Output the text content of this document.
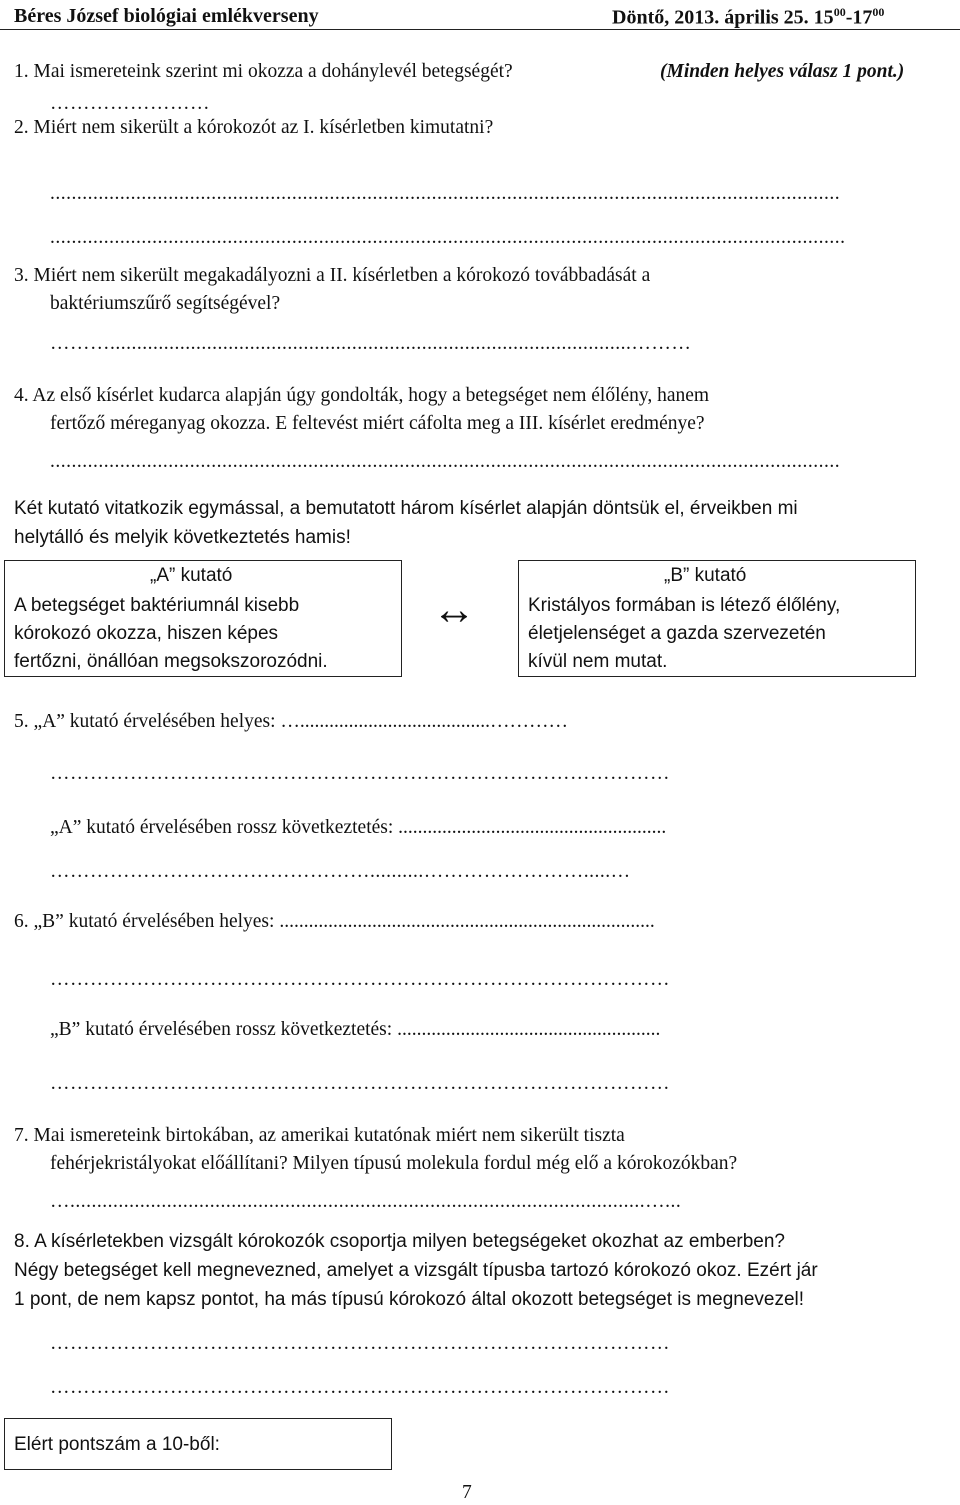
Béres József biológiai emlékverseny	Döntő, 2013. április 25. $15^{00}-17^{00}$
1. Mai ismereteink szerint mi okozza a dohánylevél betegségét?	(Minden helyes válasz 1 pont.)
……………………
2. Miért nem sikerült a kórokozót az I. kísérletben kimutatni?
...................................................................................................................................................
....................................................................................................................................................
3. Miért nem sikerült megakadályozni a II. kísérletben a kórokozó továbbadását a
baktériumszűrő segítségével?
……….................................................................................................………
4. Az első kísérlet kudarca alapján úgy gondolták, hogy a betegséget nem élőlény, hanem
fertőző méreganyag okozza. E feltevést miért cáfolta meg a III. kísérlet eredménye?
...................................................................................................................................................
Két kutató vitatkozik egymással, a bemutatott három kísérlet alapján döntsük el, érveikben mi
helytálló és melyik következtetés hamis!
„A” kutató
A betegséget baktériumnál kisebb
kórokozó okozza, hiszen képes
fertőzni, önállóan megsokszorozódni.
↔
„B” kutató
Kristályos formában is létező élőlény,
életjelenséget a gazda szervezetén
kívül nem mutat.
5. „A” kutató érvelésében helyes: ….......................................…………
…………………………………………………………………………………
„A” kutató érvelésében rossz következtetés: .......................................................
…………………………………………..........…………………….....…
6. „B” kutató érvelésében helyes: .............................................................................
…………………………………………………………………………………
„B” kutató érvelésében rossz következtetés: ......................................................
…………………………………………………………………………………
7. Mai ismereteink birtokában, az amerikai kutatónak miért nem sikerült tiszta
fehérjekristályokat előállítani? Milyen típusú molekula fordul még elő a kórokozókban?
…...........................................................................................................…...
8. A kísérletekben vizsgált kórokozók csoportja milyen betegségeket okozhat az emberben?
Négy betegséget kell megnevezned, amelyet a vizsgált típusba tartozó kórokozó okoz. Ezért jár
1 pont, de nem kapsz pontot, ha más típusú kórokozó által okozott betegséget is megnevezel!
…………………………………………………………………………………
…………………………………………………………………………………
Elért pontszám a 10-ből:
7
